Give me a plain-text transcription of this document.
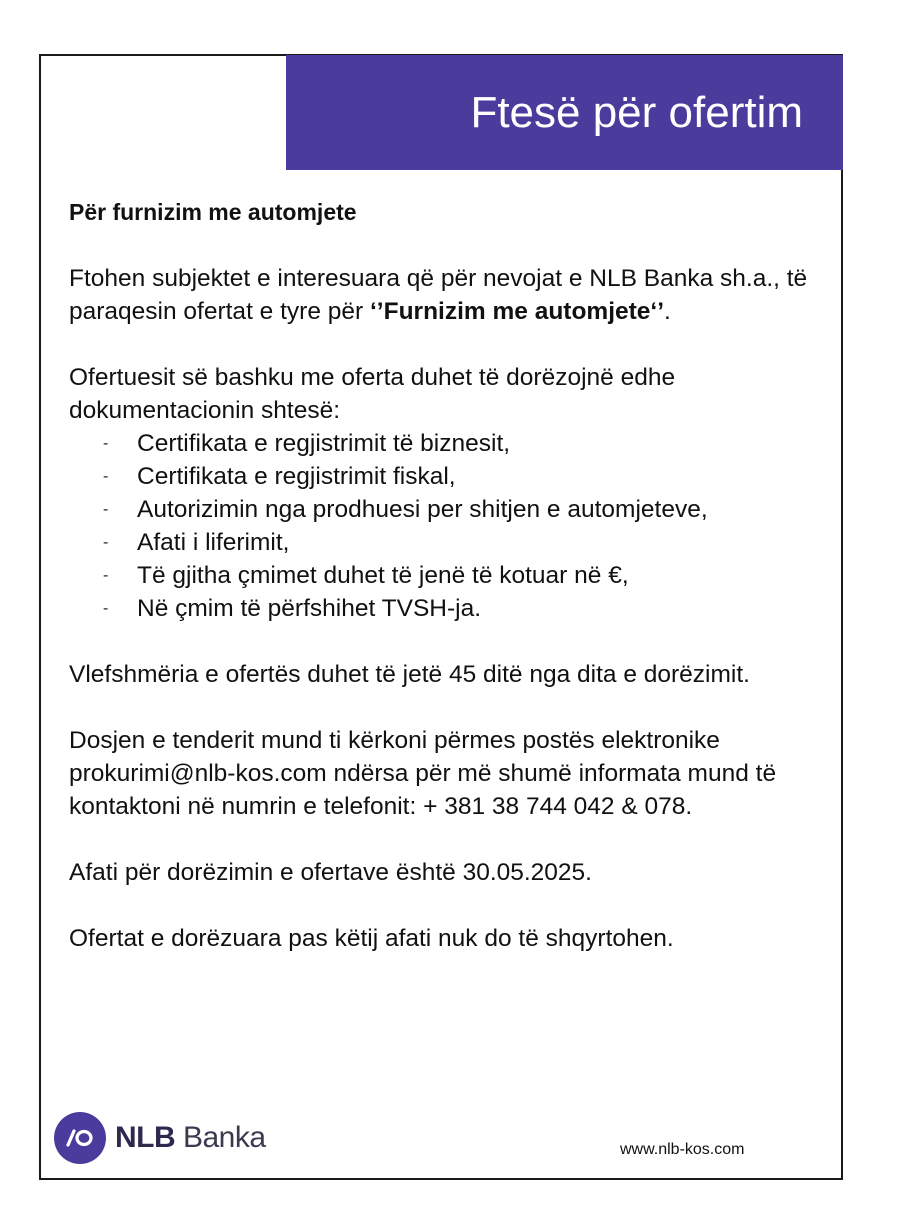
Ftesë për ofertim

Për furnizim me automjete

Ftohen subjektet e interesuara që për nevojat e NLB Banka sh.a., të paraqesin ofertat e tyre për ‘’Furnizim me automjete‘’.

Ofertuesit së bashku me oferta duhet të dorëzojnë edhe dokumentacionin shtesë:

- Certifikata e regjistrimit të biznesit,
- Certifikata e regjistrimit fiskal,
- Autorizimin nga prodhuesi per shitjen e automjeteve,
- Afati i liferimit,
- Të gjitha çmimet duhet të jenë të kotuar në €,
- Në çmim të përfshihet TVSH-ja.

Vlefshmëria e ofertës duhet të jetë 45 ditë nga dita e dorëzimit.

Dosjen e tenderit mund ti kërkoni përmes postës elektronike prokurimi@nlb-kos.com ndërsa për më shumë informata mund të kontaktoni në numrin e telefonit: + 381 38 744 042 & 078.

Afati për dorëzimin e ofertave është 30.05.2025.

Ofertat e dorëzuara pas këtij afati nuk do të shqyrtohen.

NLB Banka	www.nlb-kos.com
